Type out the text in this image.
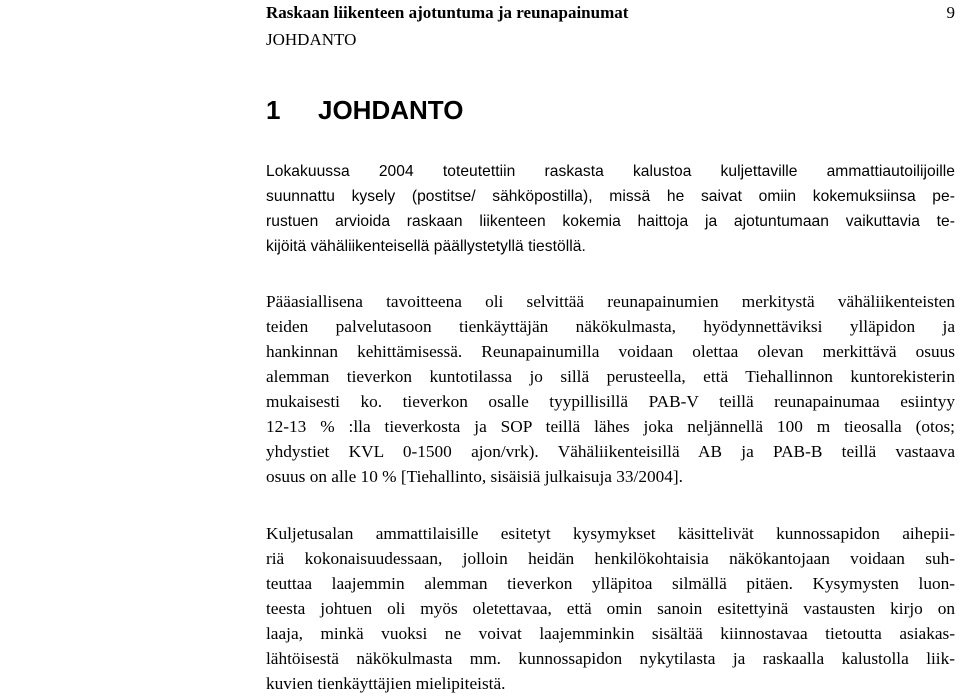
Raskaan liikenteen ajotuntuma ja reunapainumat	9
JOHDANTO
1 JOHDANTO

Lokakuussa 2004 toteutettiin raskasta kalustoa kuljettaville ammattiautoilijoille
suunnattu kysely (postitse/ sähköpostilla), missä he saivat omiin kokemuksiinsa pe-
rustuen arvioida raskaan liikenteen kokemia haittoja ja ajotuntumaan vaikuttavia te-
kijöitä vähäliikenteisellä päällystetyllä tiestöllä.

Pääasiallisena tavoitteena oli selvittää reunapainumien merkitystä vähäliikenteisten
teiden palvelutasoon tienkäyttäjän näkökulmasta, hyödynnettäviksi ylläpidon ja
hankinnan kehittämisessä. Reunapainumilla voidaan olettaa olevan merkittävä osuus
alemman tieverkon kuntotilassa jo sillä perusteella, että Tiehallinnon kuntorekisterin
mukaisesti ko. tieverkon osalle tyypillisillä PAB-V teillä reunapainumaa esiintyy
12-13 % :lla tieverkosta ja SOP teillä lähes joka neljännellä 100 m tieosalla (otos;
yhdystiet KVL 0-1500 ajon/vrk). Vähäliikenteisillä AB ja PAB-B teillä vastaava
osuus on alle 10 % [Tiehallinto, sisäisiä julkaisuja 33/2004].

Kuljetusalan ammattilaisille esitetyt kysymykset käsittelivät kunnossapidon aihepii-
riä kokonaisuudessaan, jolloin heidän henkilökohtaisia näkökantojaan voidaan suh-
teuttaa laajemmin alemman tieverkon ylläpitoa silmällä pitäen. Kysymysten luon-
teesta johtuen oli myös oletettavaa, että omin sanoin esitettyinä vastausten kirjo on
laaja, minkä vuoksi ne voivat laajemminkin sisältää kiinnostavaa tietoutta asiakas-
lähtöisestä näkökulmasta mm. kunnossapidon nykytilasta ja raskaalla kalustolla liik-
kuvien tienkäyttäjien mielipiteistä.
